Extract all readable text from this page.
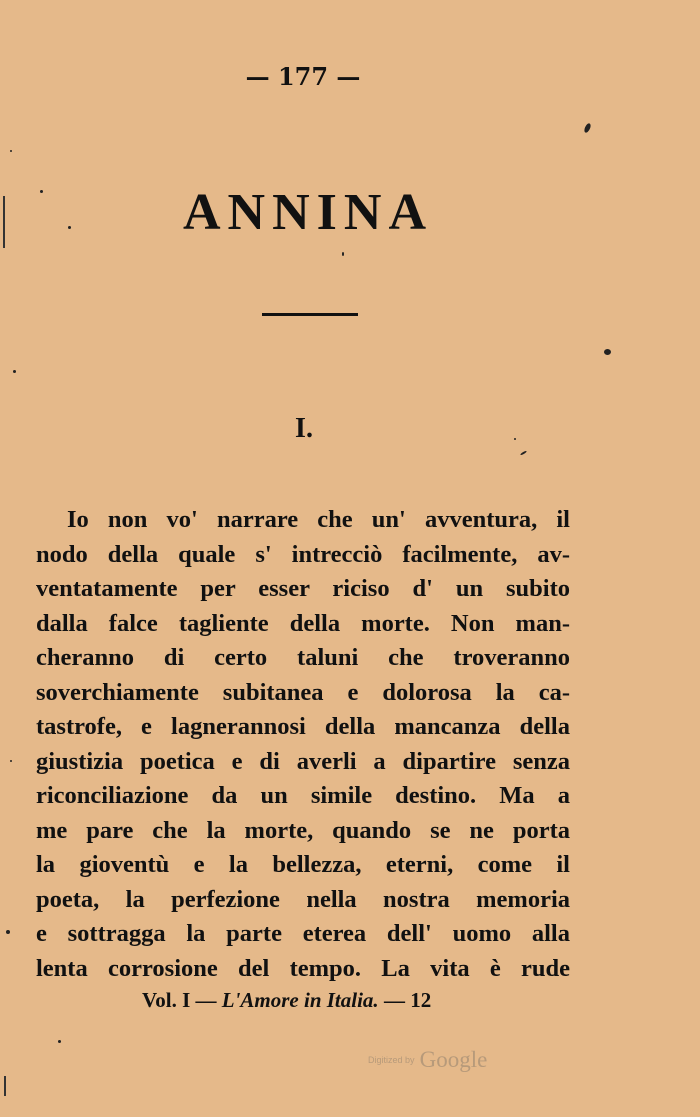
— 177 —
ANNINA
I.
Io non vo' narrare che un' avventura, il
nodo della quale s' intrecciò facilmente, av-
ventatamente per esser riciso d' un subito
dalla falce tagliente della morte. Non man-
cheranno di certo taluni che troveranno
soverchiamente subitanea e dolorosa la ca-
tastrofe, e lagnerannosi della mancanza della
giustizia poetica e di averli a dipartire senza
riconciliazione da un simile destino. Ma a
me pare che la morte, quando se ne porta
la gioventù e la bellezza, eterni, come il
poeta, la perfezione nella nostra memoria
e sottragga la parte eterea dell' uomo alla
lenta corrosione del tempo. La vita è rude
Vol. I — L'Amore in Italia. — 12
Digitized by Google
